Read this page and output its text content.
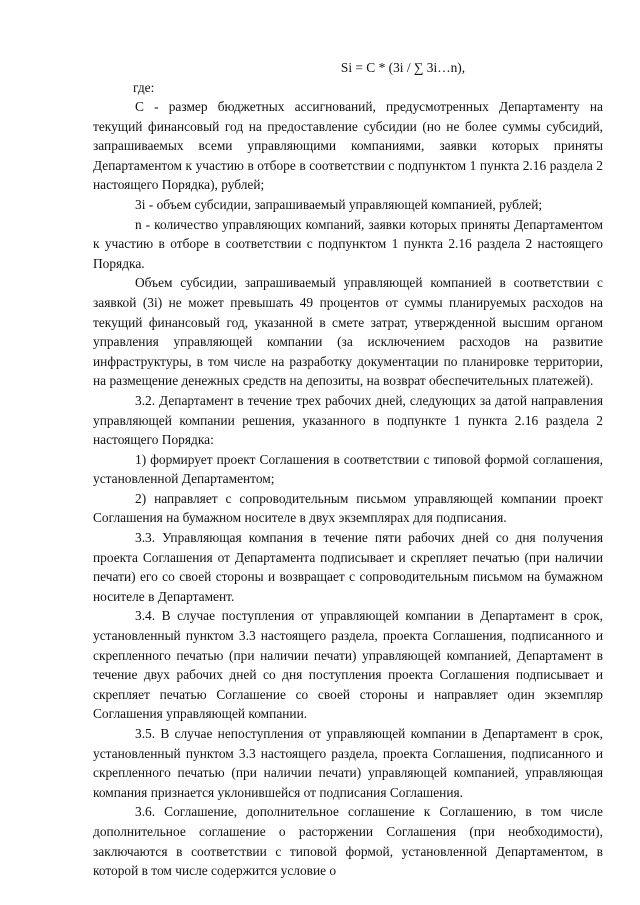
Si = C * (3i / ∑ 3i…n),

где:

C - размер бюджетных ассигнований, предусмотренных Департаменту на текущий финансовый год на предоставление субсидии (но не более суммы субсидий, запрашиваемых всеми управляющими компаниями, заявки которых приняты Департаментом к участию в отборе в соответствии с подпунктом 1 пункта 2.16 раздела 2 настоящего Порядка), рублей;

3i - объем субсидии, запрашиваемый управляющей компанией, рублей;

n - количество управляющих компаний, заявки которых приняты Департаментом к участию в отборе в соответствии с подпунктом 1 пункта 2.16 раздела 2 настоящего Порядка.

Объем субсидии, запрашиваемый управляющей компанией в соответствии с заявкой (3i) не может превышать 49 процентов от суммы планируемых расходов на текущий финансовый год, указанной в смете затрат, утвержденной высшим органом управления управляющей компании (за исключением расходов на развитие инфраструктуры, в том числе на разработку документации по планировкe территории, на размещение денежных средств на депозиты, на возврат обеспечительных платежей).

3.2. Департамент в течение трех рабочих дней, следующих за датой направления управляющей компании решения, указанного в подпункте 1 пункта 2.16 раздела 2 настоящего Порядка:

1) формирует проект Соглашения в соответствии с типовой формой соглашения, установленной Департаментом;

2) направляет с сопроводительным письмом управляющей компании проект Соглашения на бумажном носителе в двух экземплярах для подписания.

3.3. Управляющая компания в течение пяти рабочих дней со дня получения проекта Соглашения от Департамента подписывает и скрепляет печатью (при наличии печати) его со своей стороны и возвращает с сопроводительным письмом на бумажном носителе в Департамент.

3.4. В случае поступления от управляющей компании в Департамент в срок, установленный пунктом 3.3 настоящего раздела, проекта Соглашения, подписанного и скрепленного печатью (при наличии печати) управляющей компанией, Департамент в течение двух рабочих дней со дня поступления проекта Соглашения подписывает и скрепляет печатью Соглашение со своей стороны и направляет один экземпляр Соглашения управляющей компании.

3.5. В случае непоступления от управляющей компании в Департамент в срок, установленный пунктом 3.3 настоящего раздела, проекта Соглашения, подписанного и скрепленного печатью (при наличии печати) управляющей компанией, управляющая компания признается уклонившейся от подписания Соглашения.

3.6. Соглашение, дополнительное соглашение к Соглашению, в том числе дополнительное соглашение о расторжении Соглашения (при необходимости), заключаются в соответствии с типовой формой, установленной Департаментом, в которой в том числе содержится условие о
